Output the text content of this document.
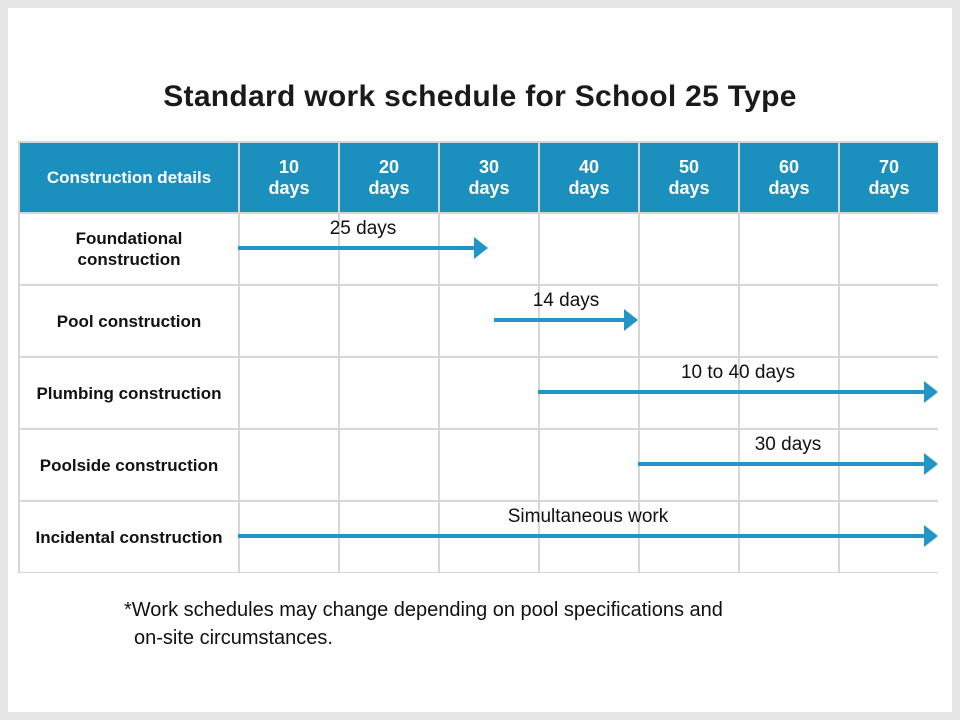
Standard work schedule for School 25 Type
Construction details
10
days
20
days
30
days
40
days
50
days
60
days
70
days
Foundational
construction
Pool construction
Plumbing construction
Poolside construction
Incidental construction
25 days
14 days
10 to 40 days
30 days
Simultaneous work
*Work schedules may change depending on pool specifications and
on-site circumstances.
